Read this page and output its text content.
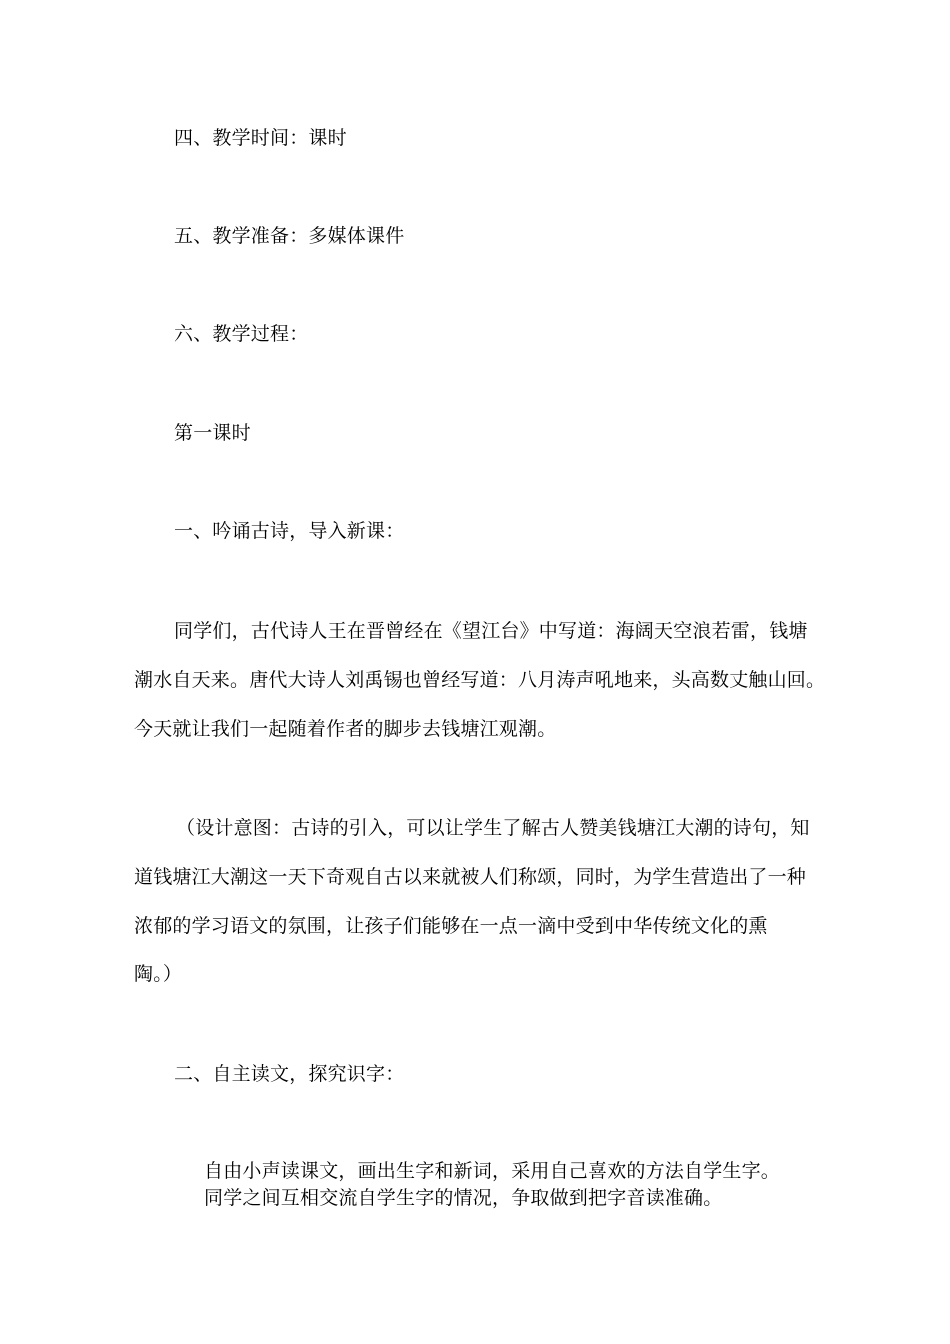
四、教学时间：课时
五、教学准备：多媒体课件
六、教学过程：
第一课时
一、吟诵古诗，导入新课：
同学们，古代诗人王在晋曾经在《望江台》中写道：海阔天空浪若雷，钱塘
潮水自天来。唐代大诗人刘禹锡也曾经写道：八月涛声吼地来，头高数丈触山回。
今天就让我们一起随着作者的脚步去钱塘江观潮。
（设计意图：古诗的引入，可以让学生了解古人赞美钱塘江大潮的诗句，知
道钱塘江大潮这一天下奇观自古以来就被人们称颂，同时，为学生营造出了一种
浓郁的学习语文的氛围，让孩子们能够在一点一滴中受到中华传统文化的熏
陶。）
二、自主读文，探究识字：
自由小声读课文，画出生字和新词，采用自己喜欢的方法自学生字。
同学之间互相交流自学生字的情况，争取做到把字音读准确。
